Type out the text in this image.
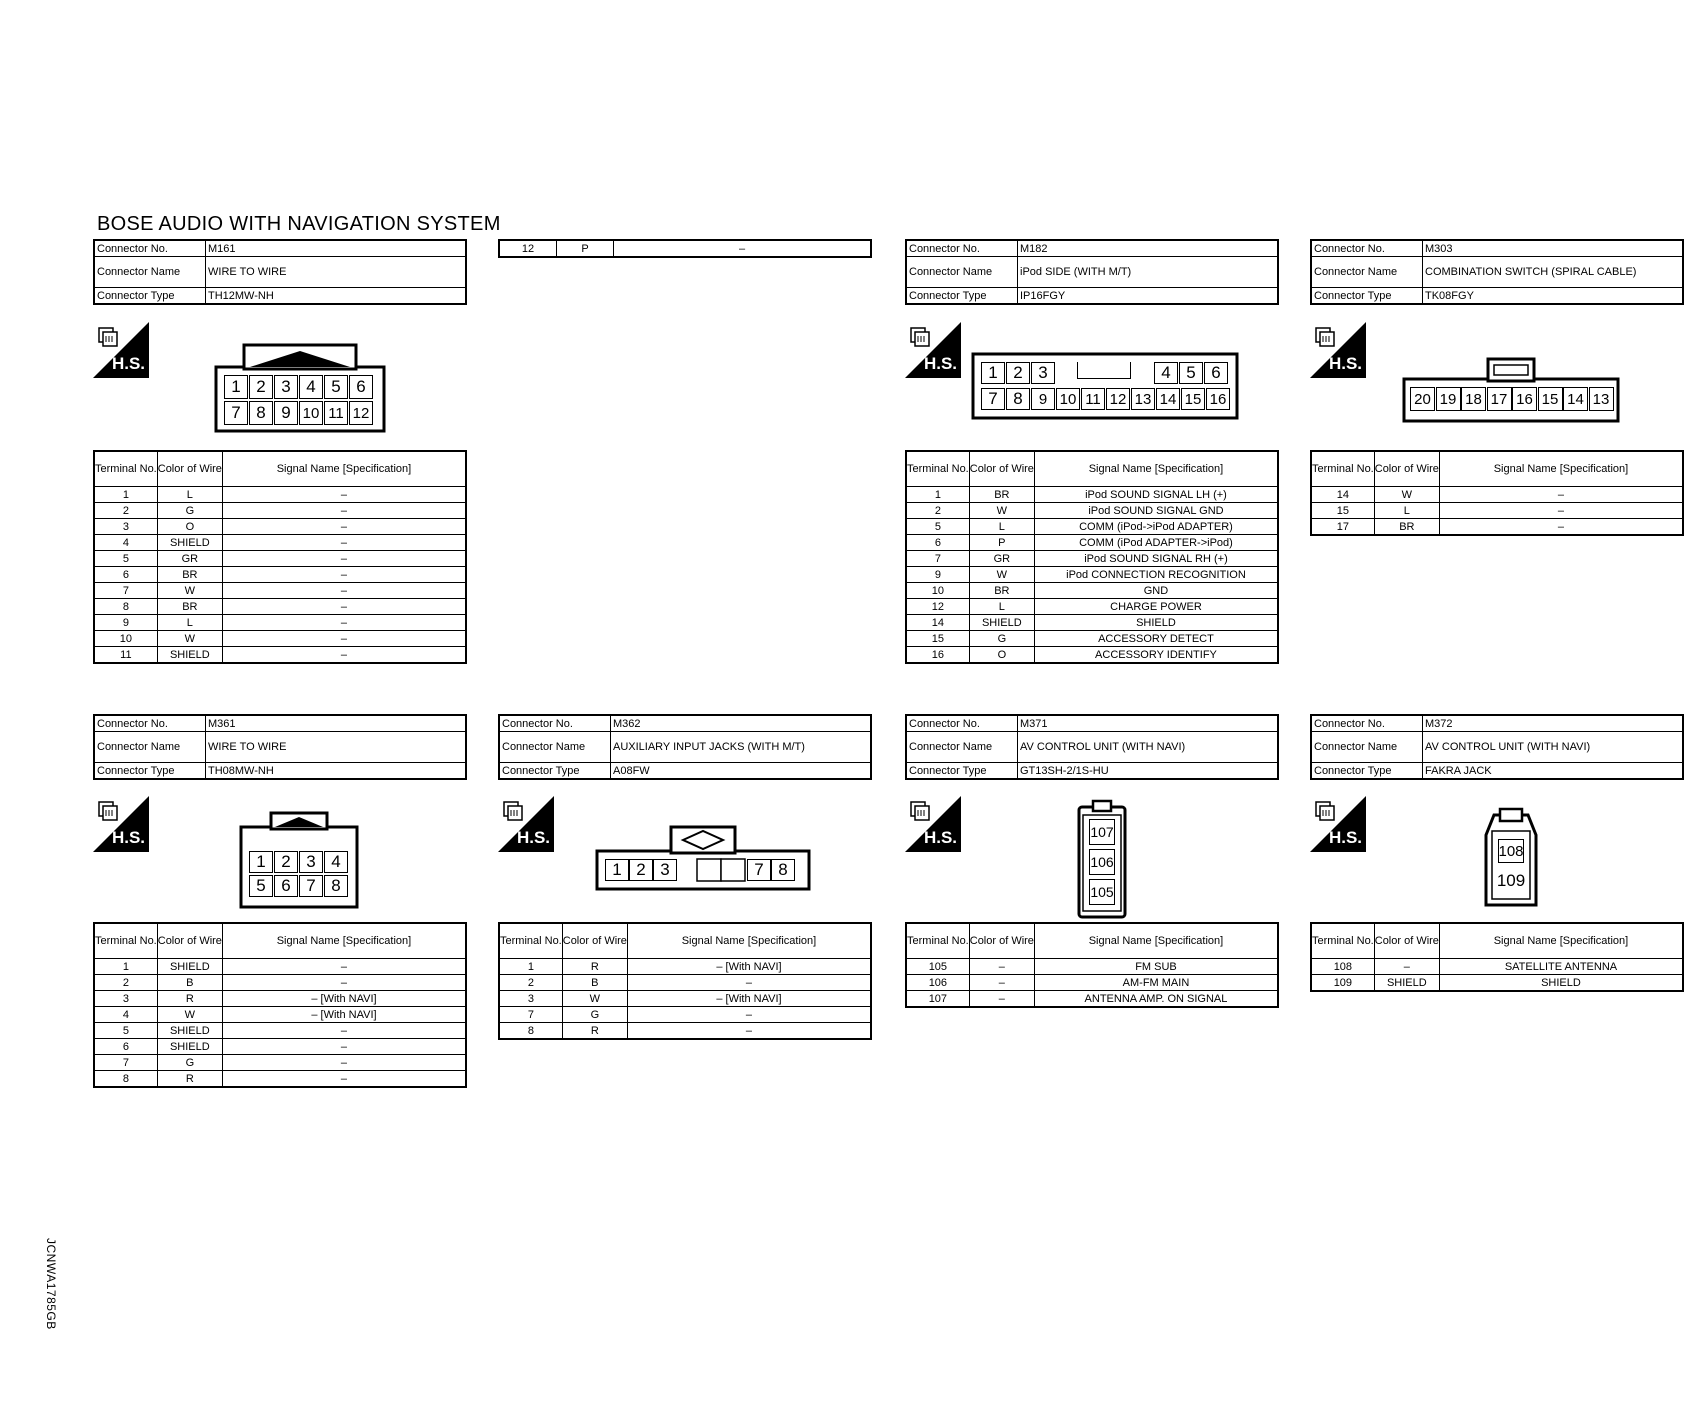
BOSE AUDIO WITH NAVIGATION SYSTEM
JCNWA1785GB
12	P	–
Connector No.	M161
Connector Name	WIRE TO WIRE
Connector Type	TH12MW-NH
H.S.
1 2 3 4 5 6
7 8 9 10 11 12
Terminal No.	Color of Wire	Signal Name [Specification]
1	L	–
2	G	–
3	O	–
4	SHIELD	–
5	GR	–
6	BR	–
7	W	–
8	BR	–
9	L	–
10	W	–
11	SHIELD	–
Connector No.	M182
Connector Name	iPod SIDE (WITH M/T)
Connector Type	IP16FGY
H.S.	1 2 3	4 5 6
7 8	9 10 11 12 13 14 15 16
Terminal No.	Color of Wire	Signal Name [Specification]
1	BR	iPod SOUND SIGNAL LH (+)
2	W	iPod SOUND SIGNAL GND
5	L	COMM (iPod->iPod ADAPTER)
6	P	COMM (iPod ADAPTER->iPod)
7	GR	iPod SOUND SIGNAL RH (+)
9	W	iPod CONNECTION RECOGNITION
10	BR	GND
12	L	CHARGE POWER
14	SHIELD	SHIELD
15	G	ACCESSORY DETECT
16	O	ACCESSORY IDENTIFY
Connector No.	M303
Connector Name	COMBINATION SWITCH (SPIRAL CABLE)
Connector Type	TK08FGY
H.S.
20 19 18 17 16 15 14 13
Terminal No.	Color of Wire	Signal Name [Specification]
14	W	–
15	L	–
17	BR	–
Connector No.	M361
Connector Name	WIRE TO WIRE
Connector Type	TH08MW-NH
H.S.
1 2 3 4
5 6 7 8
Terminal No.	Color of Wire	Signal Name [Specification]
1	SHIELD	–
2	B	–
3	R	– [With NAVI]
4	W	– [With NAVI]
5	SHIELD	–
6	SHIELD	–
7	G	–
8	R	–
Connector No.	M362
Connector Name	AUXILIARY INPUT JACKS (WITH M/T)
Connector Type	A08FW
H.S.
1 2 3	7 8
Terminal No.	Color of Wire	Signal Name [Specification]
1	R	– [With NAVI]
2	B	–
3	W	– [With NAVI]
7	G	–
8	R	–
Connector No.	M371
Connector Name	AV CONTROL UNIT (WITH NAVI)
Connector Type	GT13SH-2/1S-HU
H.S.	107
106
105
Terminal No.	Color of Wire	Signal Name [Specification]
105	–	FM SUB
106	–	AM-FM MAIN
107	–	ANTENNA AMP. ON SIGNAL
Connector No.	M372
Connector Name	AV CONTROL UNIT (WITH NAVI)
Connector Type	FAKRA JACK
H.S.
108
109
Terminal No.	Color of Wire	Signal Name [Specification]
108	–	SATELLITE ANTENNA
109	SHIELD	SHIELD
